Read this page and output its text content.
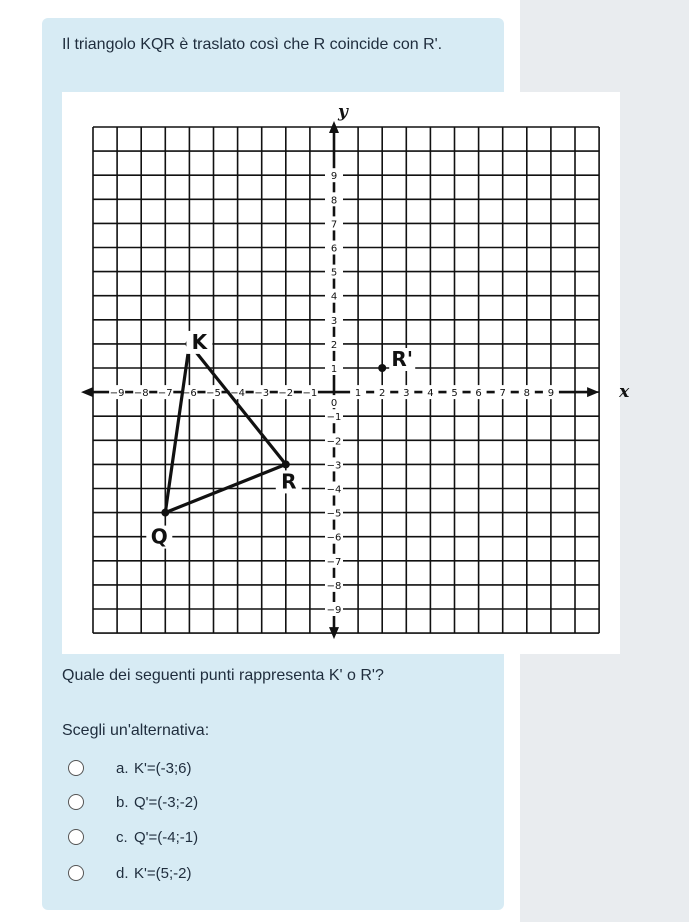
Il triangolo KQR è traslato così che R coincide con R'.

−9 −8 −7 −6 −5 −4 −3 −2 −1	1 2 3 4 5 6 7 8 9
9
8
7
6
5
4
3
2
1
−1
−2
−3
−4
−5
−6
−7
−8
−9
0
x
y
K
Q
R
R'

Quale dei seguenti punti rappresenta K' o R'?

Scegli un'alternativa:

a. K'=(-3;6)
b. Q'=(-3;-2)
c. Q'=(-4;-1)
d. K'=(5;-2)
